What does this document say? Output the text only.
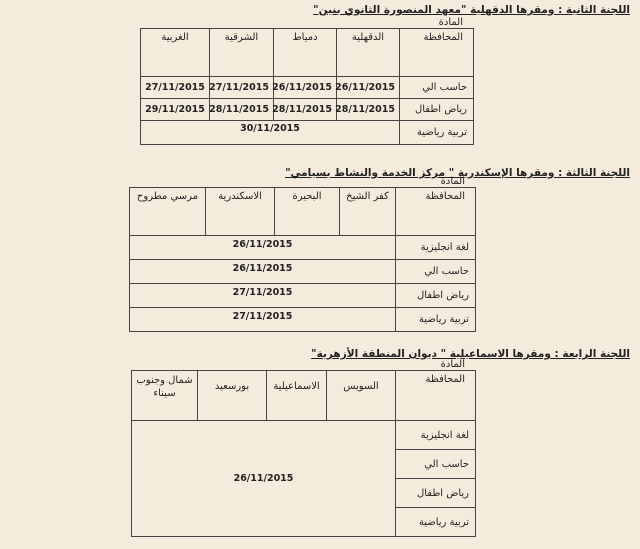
اللجنة الثانية : ومقرها الدقهلية "معهد المنصورة الثانوي بنين"
المحافظة
المادة	الدقهلية	دمياط	الشرقية	الغربية
حاسب الي	26/11/2015	26/11/2015	27/11/2015	27/11/2015
رياض اطفال	28/11/2015	28/11/2015	28/11/2015	29/11/2015
تربية رياضية	30/11/2015			
اللجنة الثالثة : ومقرها الإسكندرية " مركز الخدمة والنشاط بسيامي"
المحافظة
المادة	كفر الشيخ	البحيرة	الاسكندرية	مرسي مطروح
لغة انجليزية	26/11/2015			
حاسب الي	26/11/2015			
رياض اطفال	27/11/2015			
تربية رياضية	27/11/2015			
اللجنة الرابعة : ومقرها الاسماعيلية " ديوان المنطقة الأزهرية"
المحافظة
المادة	السويس	الاسماعيلية	بورسعيد	شمال وجنوب سيناء
لغة انجليزية	26/11/2015			
حاسب الي				
رياض اطفال				
تربية رياضية				
